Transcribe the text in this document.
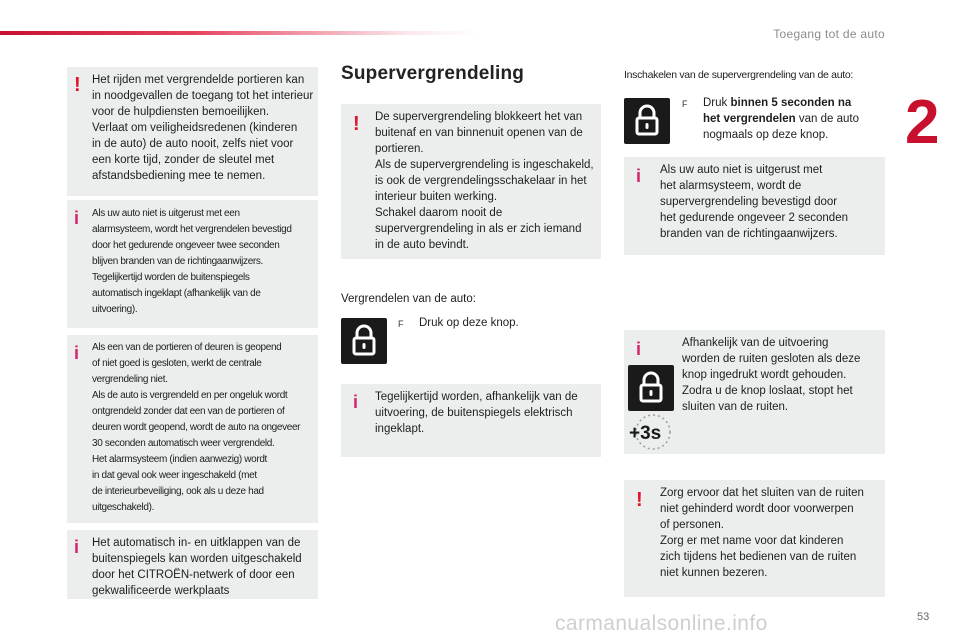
Toegang tot de auto
2
! Het rijden met vergrendelde portieren kan
in noodgevallen de toegang tot het interieur
voor de hulpdiensten bemoeilijken.
Verlaat om veiligheidsredenen (kinderen
in de auto) de auto nooit, zelfs niet voor
een korte tijd, zonder de sleutel met
afstandsbediening mee te nemen.
i Als uw auto niet is uitgerust met een
alarmsysteem, wordt het vergrendelen bevestigd
door het gedurende ongeveer twee seconden
blijven branden van de richtingaanwijzers.
Tegelijkertijd worden de buitenspiegels
automatisch ingeklapt (afhankelijk van de
uitvoering).
i Als een van de portieren of deuren is geopend
of niet goed is gesloten, werkt de centrale
vergrendeling niet.
Als de auto is vergrendeld en per ongeluk wordt
ontgrendeld zonder dat een van de portieren of
deuren wordt geopend, wordt de auto na ongeveer
30 seconden automatisch weer vergrendeld.
Het alarmsysteem (indien aanwezig) wordt
in dat geval ook weer ingeschakeld (met
de interieurbeveiliging, ook als u deze had
uitgeschakeld).
i Het automatisch in- en uitklappen van de
buitenspiegels kan worden uitgeschakeld
door het CITROËN-netwerk of door een
gekwalificeerde werkplaats
Supervergrendeling
! De supervergrendeling blokkeert het van
buitenaf en van binnenuit openen van de
portieren.
Als de supervergrendeling is ingeschakeld,
is ook de vergrendelingsschakelaar in het
interieur buiten werking.
Schakel daarom nooit de
supervergrendeling in als er zich iemand
in de auto bevindt.
Vergrendelen van de auto:
F Druk op deze knop.
i Tegelijkertijd worden, afhankelijk van de
uitvoering, de buitenspiegels elektrisch
ingeklapt.
Inschakelen van de supervergrendeling van de auto:
F Druk binnen 5 seconden na
het vergrendelen van de auto
nogmaals op deze knop.
i Als uw auto niet is uitgerust met
het alarmsysteem, wordt de
supervergrendeling bevestigd door
het gedurende ongeveer 2 seconden
branden van de richtingaanwijzers.
i
+3s
Afhankelijk van de uitvoering
worden de ruiten gesloten als deze
knop ingedrukt wordt gehouden.
Zodra u de knop loslaat, stopt het
sluiten van de ruiten.
! Zorg ervoor dat het sluiten van de ruiten
niet gehinderd wordt door voorwerpen
of personen.
Zorg er met name voor dat kinderen
zich tijdens het bedienen van de ruiten
niet kunnen bezeren.
carmanualsonline.info	53
